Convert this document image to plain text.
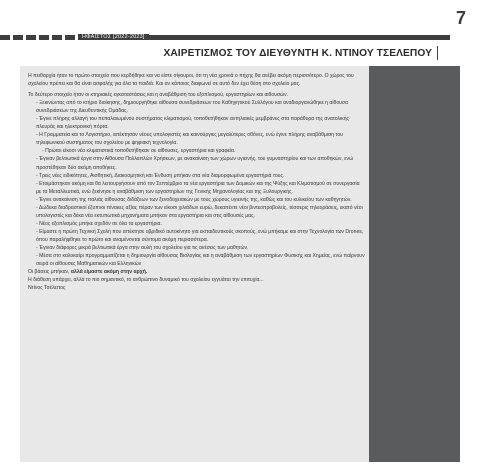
7
ΗΦΑΙΣΤΟΣ [2022-2023]
ΧΑΙΡΕΤΙΣΜΟΣ ΤΟΥ ΔΙΕΥΘΥΝΤΗ Κ. ΝΤΙΝΟΥ ΤΣΕΛΕΠΟΥ

Η πειθαρχία ήταν το πρώτο στοιχείο που κερδήθηκε και να είστε σίγουροι, ότι τη νέα χρονιά ο πήχης θα ανέβει ακόμη περισσότερο. Ο χώρος του σχολείου πρέπει και θα είναι ασφαλής για όλα τα παιδιά. Και αν κάποιος διαφωνεί σε αυτό δεν έχει θέση στο σχολείο μας.

Το δεύτερο στοιχείο ήταν οι κτηριακές εγκαταστάσεις και η αναβάθμιση του εξοπλισμού, εργαστηρίων και αιθουσών.

- Ξεκινώντας από το κτήριο διοίκησης, δημιουργήθηκε αίθουσα συνεδριάσεων του Καθηγητικού Συλλόγου και αναδιοργανώθηκε η αίθουσα συνεδριάσεων της Διευθυντικής Ομάδας.

- Έγινε πλήρης αλλαγή του πεπαλαιωμένου συστήματος κλιματισμού, τοποθετήθηκαν αντηλιακές μεμβράνες στα παράθυρα της ανατολικής πλευράς και ηλεκτρονική πόρτα.

- Η Γραμματεία και το Λογιστήριο, απέκτησαν νέους υπολογιστές και καινούργιες μεγαλύτερες οθόνες, ενώ έγινε πλήρης αναβάθμιση του τηλεφωνικού συστήματος του σχολείου με ψηφιακή τεχνολογία.

- Πρώτοι είκοσι νέα κλιματιστικά τοποθετήθηκαν σε αίθουσες, εργαστήρια και γραφεία.

- Έγιναν βελτιωτικά έργα στην Αίθουσα Πολλαπλών Χρήσεων, με ανακαίνιση των χώρων υγιεινής, του γυμναστηρίου και των αποθηκών, ενώ προστέθηκαν δύο ακόμη αποθήκες.

- Τρεις νέες ειδικότητες, Αισθητική, Διακοσμητική και Ένδυση μπήκαν στα νέα διαμορφωμένα εργαστήριά τους.

- Ετοιμάστηκαν ακόμη και θα λειτουργήσουν από τον Σεπτέμβριο τα νέα εργαστήρια των Δομικών και της Ψύξης και Κλιματισμού σε συνεργασία με τα Μεταλλευτικά, ενώ ξεκίνησε η αναβάθμιση των εργαστηρίων της Γενικής Μηχανολογίας και της Ξυλουργικής.

- Έγινε ανακαίνιση της παλιάς αίθουσας διδάξεων των ξενοδοχειακών με τους χώρους υγιεινής της, καθώς και του κυλικείου των καθηγητών.

- Δώδεκα διαδραστικοί έξυπνοι πίνακες αξίας πέραν των είκοσι χιλιάδων ευρώ, δεκαπέντε νέοι βιντεοπροβολείς, τέσσερις τηλεοράσεις, εκατό νέοι υπολογιστές και δέκα νέα εκτυπωτικά μηχανήματα μπήκαν στα εργαστήρια και στις αίθουσές μας.

- Νέος εξοπλισμός μπήκε σχεδόν σε όλα τα εργαστήρια.

- Είμαστε η πρώτη Τεχνική Σχολή που απέκτησε υβριδικό αυτοκίνητο για εκπαιδευτικούς σκοπούς, ενώ μπήκαμε και στην Τεχνολογία των Drones, όπου παραλήφθηκε το πρώτο και αναμένονται σύντομα ακόμη περισσότερα.

- Έγιναν διάφορες μικρά βελτιωτικά έργα στην αυλή του σχολείου για τις ανέσεις των μαθητών.

- Μέσα στο καλοκαίρι προγραμματίζεται η δημιουργία αίθουσας Βιολογίας και η αναβάθμιση των εργαστηρίων Φυσικής και Χημείας, ενώ παίρνουν σειρά οι αίθουσες Μαθηματικών και Ελληνικών

Οι βάσεις μπήκαν, αλλά είμαστε ακόμη στην αρχή.

Η διάθεση υπάρχει, αλλά το πιο σημαντικό, το ανθρώπινο δυναμικό του σχολείου εγγυάται την επιτυχία...

Ντίνος Τσέλεπος
